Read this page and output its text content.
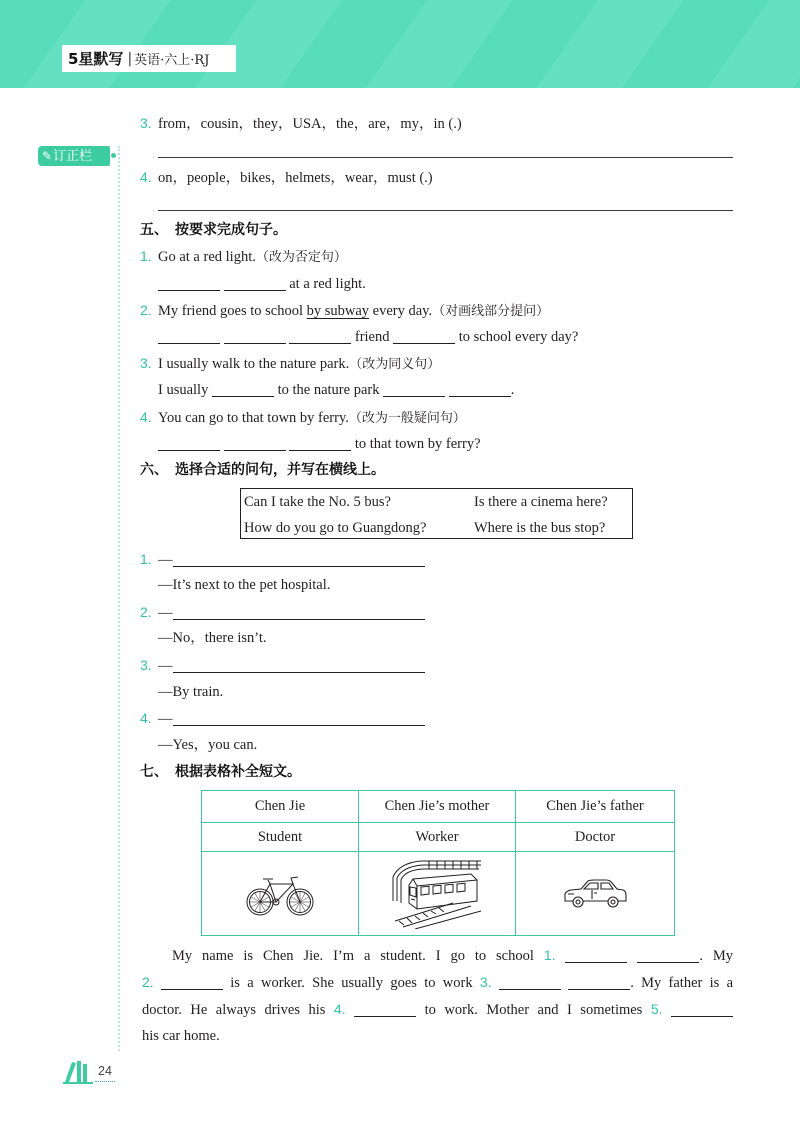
5星默写 | 英语·六上·RJ
✎订正栏
3. from，cousin，they，USA，the，are，my，in (.)
4. on，people，bikes，helmets，wear，must (.)
五、 按要求完成句子。
1. Go at a red light.（改为否定句）
at a red light.
2. My friend goes to school by subway every day.（对画线部分提问）
friend	to school every day?
3. I usually walk to the nature park.（改为同义句）
I usually	to the nature park	.
4. You can go to that town by ferry.（改为一般疑问句）
to that town by ferry?
六、 选择合适的问句，并写在横线上。
Can I take the No. 5 bus?	Is there a cinema here?
How do you go to Guangdong?	Where is the bus stop?
1. —
—It’s next to the pet hospital.
2. —
—No，there isn’t.
3. —
—By train.
4. —
—Yes，you can.
七、 根据表格补全短文。
Chen Jie	Chen Jie’s mother	Chen Jie’s father
Student	Worker	Doctor

My name is Chen Jie. I’m a student. I go to school 1.	. My
2.	is a worker. She usually goes to work 3.	. My father is a
doctor. He always drives his 4.	to work. Mother and I sometimes 5.
his car home.
24
